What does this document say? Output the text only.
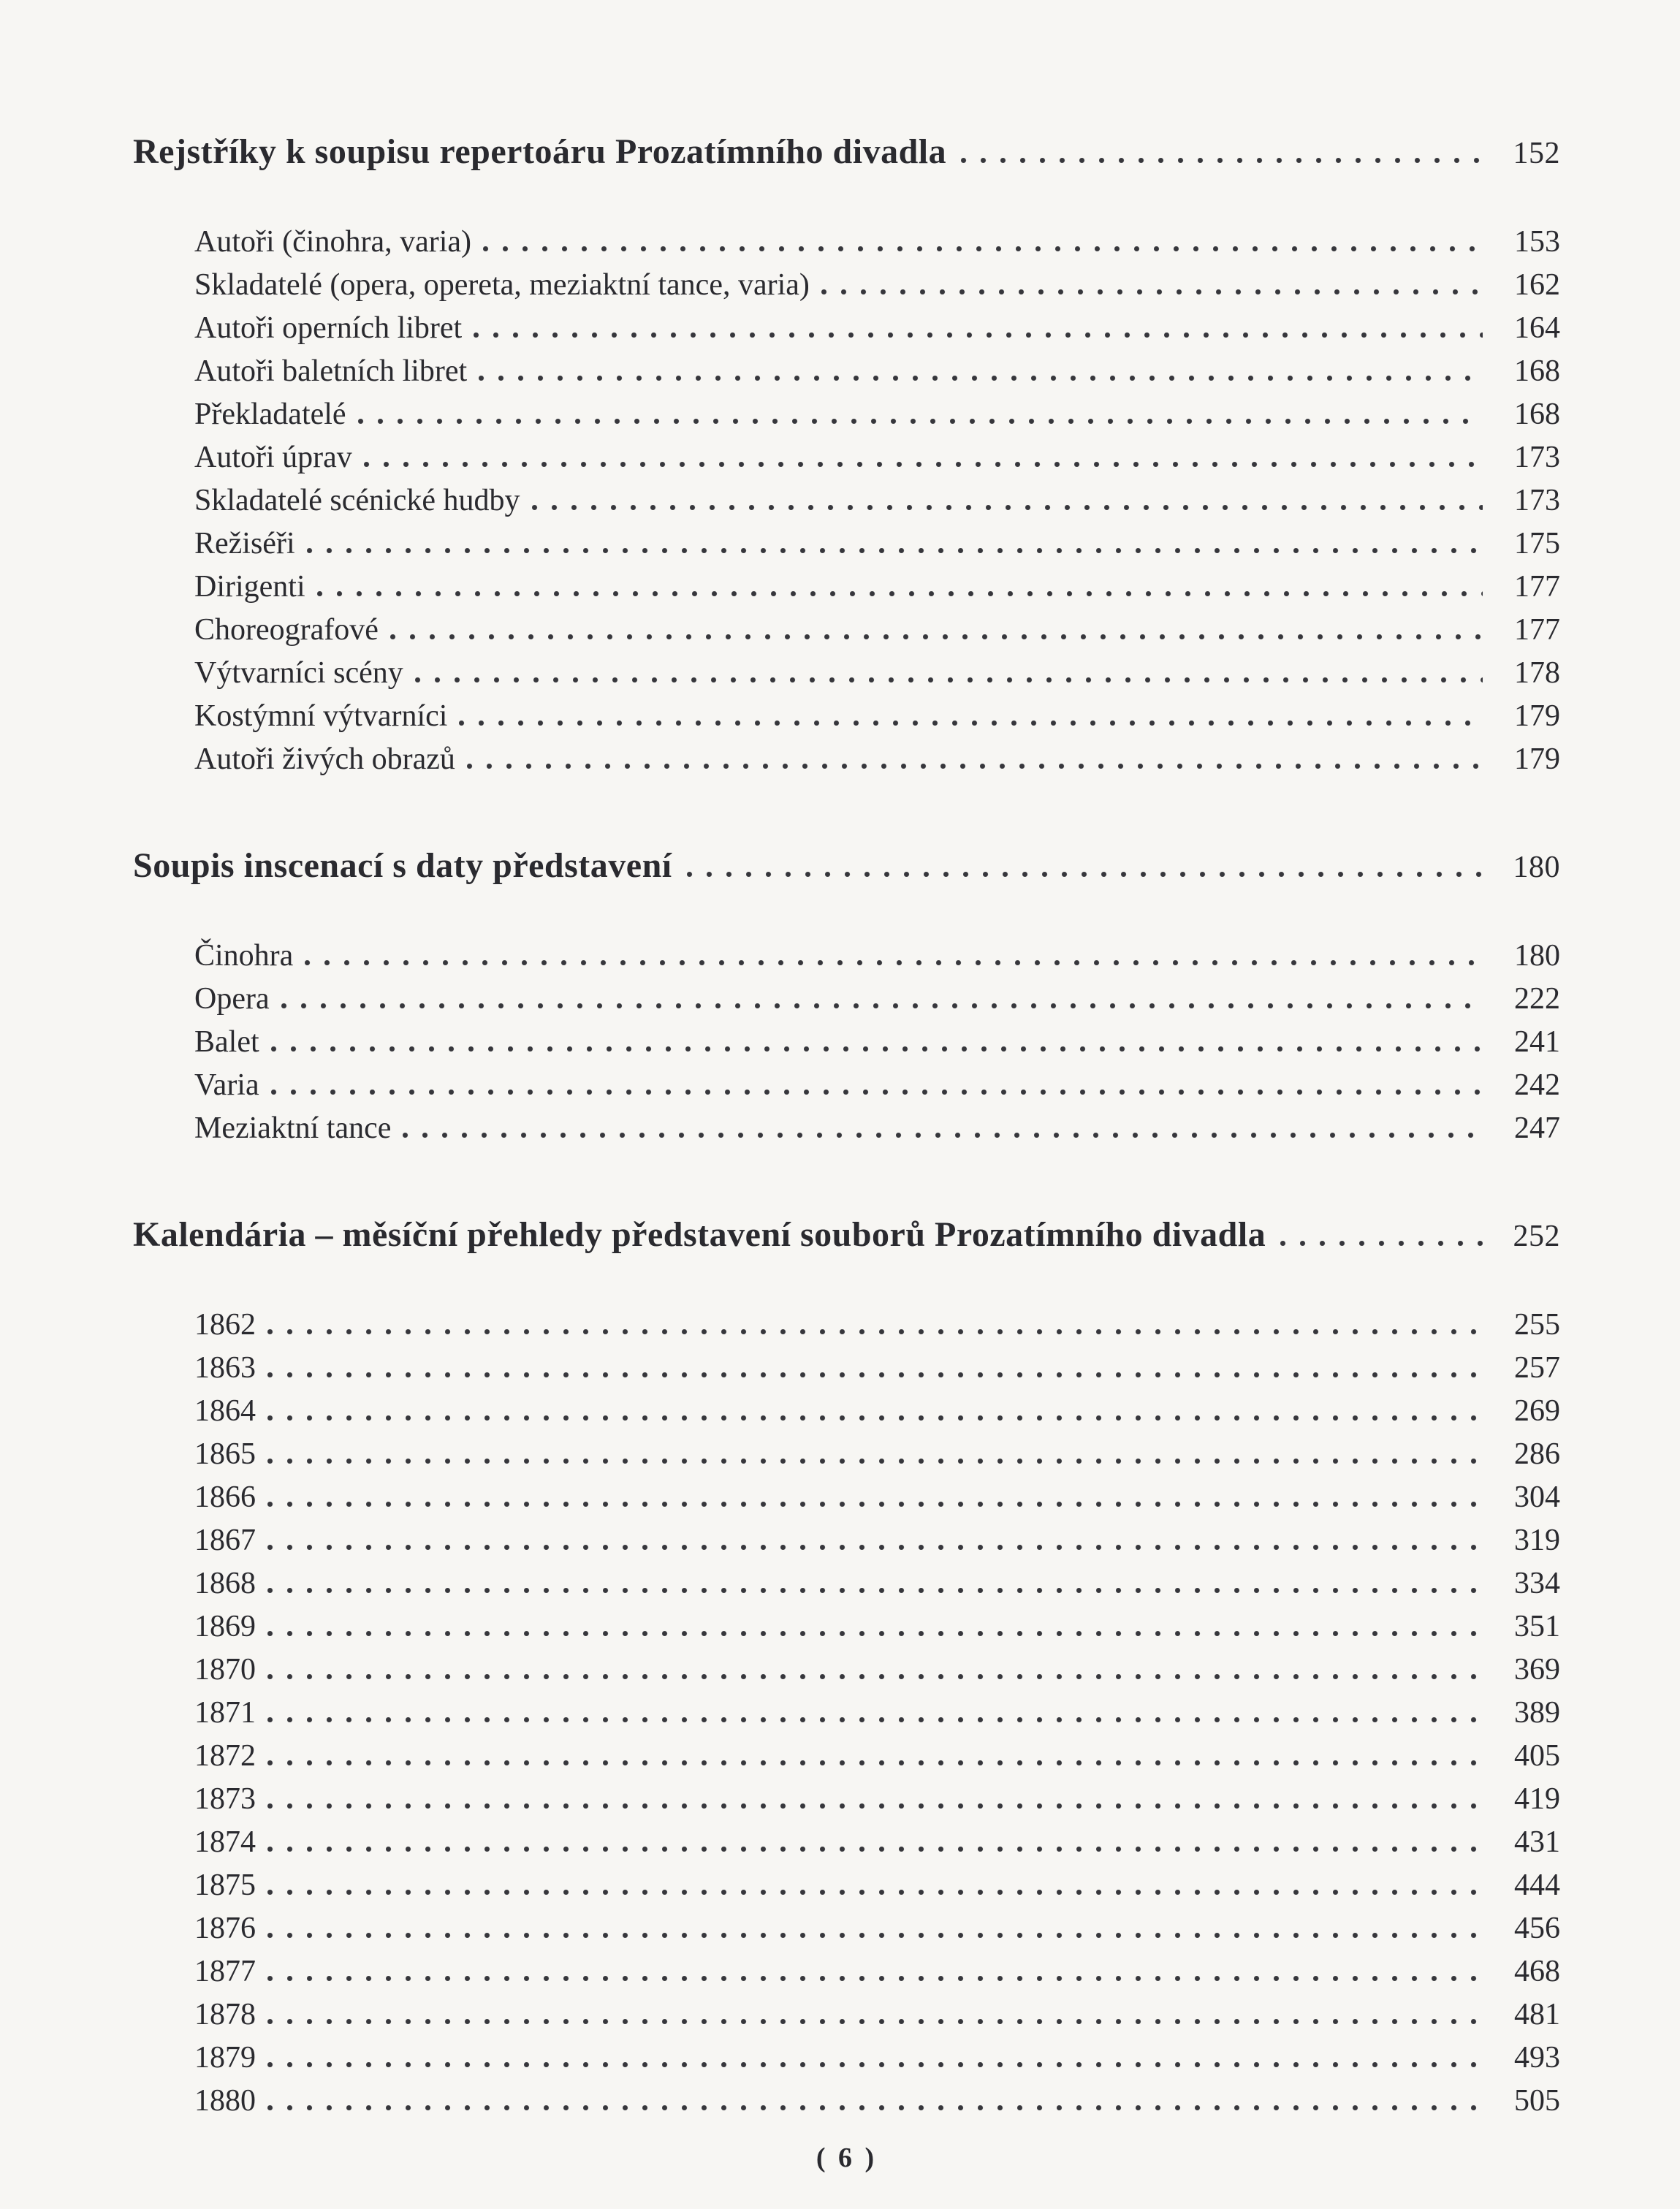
Rejstříky k soupisu repertoáru Prozatímního divadla	152
Autoři (činohra, varia)	153
Skladatelé (opera, opereta, meziaktní tance, varia)	162
Autoři operních libret	164
Autoři baletních libret	168
Překladatelé	168
Autoři úprav	173
Skladatelé scénické hudby	173
Režiséři	175
Dirigenti	177
Choreografové	177
Výtvarníci scény	178
Kostýmní výtvarníci	179
Autoři živých obrazů	179
Soupis inscenací s daty představení	180
Činohra	180
Opera	222
Balet	241
Varia	242
Meziaktní tance	247
Kalendária – měsíční přehledy představení souborů Prozatímního divadla	252
1862	255
1863	257
1864	269
1865	286
1866	304
1867	319
1868	334
1869	351
1870	369
1871	389
1872	405
1873	419
1874	431
1875	444
1876	456
1877	468
1878	481
1879	493
1880	505
( 6 )
